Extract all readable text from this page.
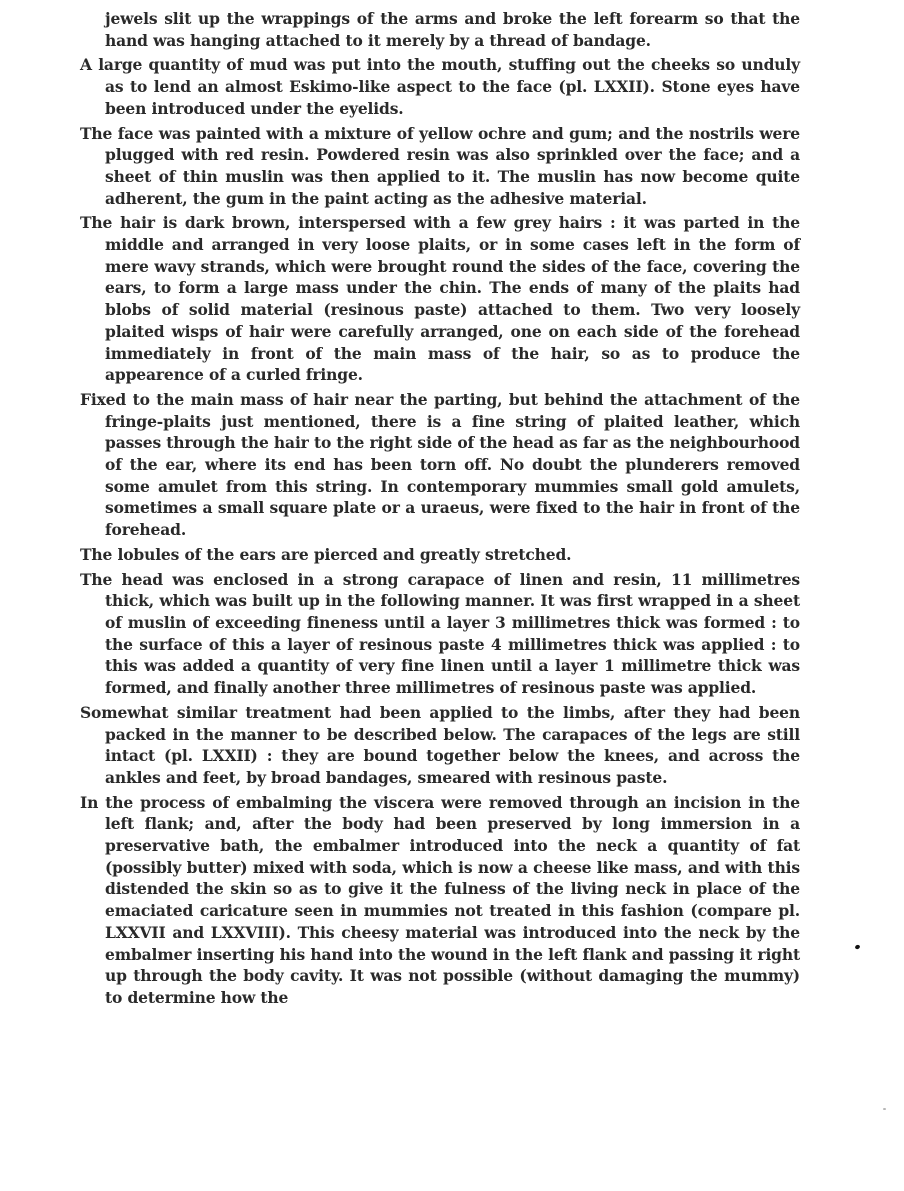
jewels slit up the wrappings of the arms and broke the left forearm so that the hand was hanging attached to it merely by a thread of bandage.

A large quantity of mud was put into the mouth, stuffing out the cheeks so unduly as to lend an almost Eskimo-like aspect to the face (pl. LXXII). Stone eyes have been introduced under the eyelids.

The face was painted with a mixture of yellow ochre and gum; and the nostrils were plugged with red resin. Powdered resin was also sprinkled over the face; and a sheet of thin muslin was then applied to it. The muslin has now become quite adherent, the gum in the paint acting as the adhesive material.

The hair is dark brown, interspersed with a few grey hairs : it was parted in the middle and arranged in very loose plaits, or in some cases left in the form of mere wavy strands, which were brought round the sides of the face, covering the ears, to form a large mass under the chin. The ends of many of the plaits had blobs of solid material (resinous paste) attached to them. Two very loosely plaited wisps of hair were carefully arranged, one on each side of the forehead immediately in front of the main mass of the hair, so as to produce the appearence of a curled fringe.

Fixed to the main mass of hair near the parting, but behind the attachment of the fringe-plaits just mentioned, there is a fine string of plaited leather, which passes through the hair to the right side of the head as far as the neighbourhood of the ear, where its end has been torn off. No doubt the plunderers removed some amulet from this string. In contemporary mummies small gold amulets, sometimes a small square plate or a uraeus, were fixed to the hair in front of the forehead.

The lobules of the ears are pierced and greatly stretched.

The head was enclosed in a strong carapace of linen and resin, 11 millimetres thick, which was built up in the following manner. It was first wrapped in a sheet of muslin of exceeding fineness until a layer 3 millimetres thick was formed : to the surface of this a layer of resinous paste 4 millimetres thick was applied : to this was added a quantity of very fine linen until a layer 1 millimetre thick was formed, and finally another three millimetres of resinous paste was applied.

Somewhat similar treatment had been applied to the limbs, after they had been packed in the manner to be described below. The carapaces of the legs are still intact (pl. LXXII) : they are bound together below the knees, and across the ankles and feet, by broad bandages, smeared with resinous paste.

In the process of embalming the viscera were removed through an incision in the left flank; and, after the body had been preserved by long immersion in a preservative bath, the embalmer introduced into the neck a quantity of fat (possibly butter) mixed with soda, which is now a cheese like mass, and with this distended the skin so as to give it the fulness of the living neck in place of the emaciated caricature seen in mummies not treated in this fashion (compare pl. LXXVII and LXXVIII). This cheesy material was introduced into the neck by the embalmer inserting his hand into the wound in the left flank and passing it right up through the body cavity. It was not possible (without damaging the mummy) to determine how the
